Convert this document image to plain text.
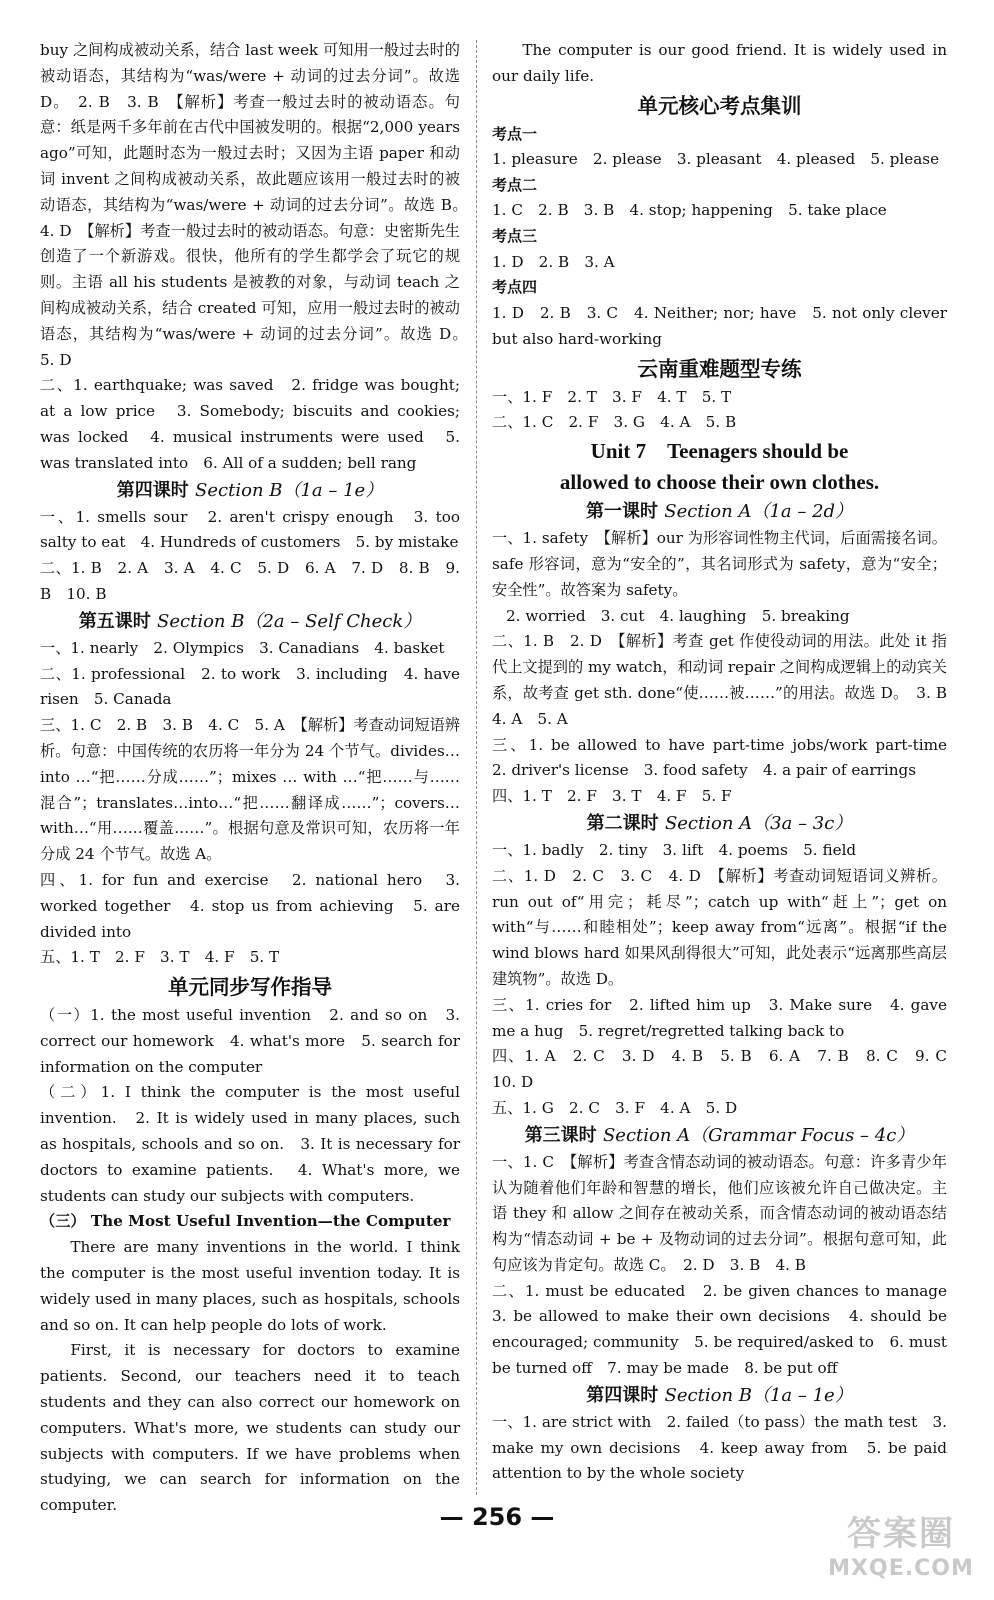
buy 之间构成被动关系，结合 last week 可知用一般过去时的被动语态，其结构为“was/were + 动词的过去分词”。故选 D。　2. B　3. B　【解析】考查一般过去时的被动语态。句意：纸是两千多年前在古代中国被发明的。根据“2,000 years ago”可知，此题时态为一般过去时；又因为主语 paper 和动词 invent 之间构成被动关系，故此题应该用一般过去时的被动语态，其结构为“was/were + 动词的过去分词”。故选 B。　4. D　【解析】考查一般过去时的被动语态。句意：史密斯先生创造了一个新游戏。很快，他所有的学生都学会了玩它的规则。主语 all his students 是被教的对象，与动词 teach 之间构成被动关系，结合 created 可知，应用一般过去时的被动语态，其结构为“was/were + 动词的过去分词”。故选 D。　5. D

二、1. earthquake; was saved　2. fridge was bought; at a low price　3. Somebody; biscuits and cookies; was locked　4. musical instruments were used　5. was translated into　6. All of a sudden; bell rang

第四课时 Section B（1a – 1e）

一、1. smells sour　2. aren't crispy enough　3. too salty to eat　4. Hundreds of customers　5. by mistake

二、1. B　2. A　3. A　4. C　5. D　6. A　7. D　8. B　9. B　10. B

第五课时 Section B（2a – Self Check）

一、1. nearly　2. Olympics　3. Canadians　4. basket

二、1. professional　2. to work　3. including　4. have risen　5. Canada

三、1. C　2. B　3. B　4. C　5. A　【解析】考查动词短语辨析。句意：中国传统的农历将一年分为 24 个节气。divides… into …“把……分成……”；mixes … with …“把……与……混合”；translates…into…“把……翻译成……”；covers…with…“用……覆盖……”。根据句意及常识可知，农历将一年分成 24 个节气。故选 A。

四、1. for fun and exercise　2. national hero　3. worked together　4. stop us from achieving　5. are divided into

五、1. T　2. F　3. T　4. F　5. T

单元同步写作指导

（一）1. the most useful invention　2. and so on　3. correct our homework　4. what's more　5. search for information on the computer

（二）1. I think the computer is the most useful invention.　2. It is widely used in many places, such as hospitals, schools and so on.　3. It is necessary for doctors to examine patients.　4. What's more, we students can study our subjects with computers.

（三） The Most Useful Invention—the Computer

There are many inventions in the world. I think the computer is the most useful invention today. It is widely used in many places, such as hospitals, schools and so on. It can help people do lots of work.

First, it is necessary for doctors to examine patients. Second, our teachers need it to teach students and they can also correct our homework on computers. What's more, we students can study our subjects with computers. If we have problems when studying, we can search for information on the computer.

The computer is our good friend. It is widely used in our daily life.

单元核心考点集训

考点一

1. pleasure　2. please　3. pleasant　4. pleased　5. please

考点二

1. C　2. B　3. B　4. stop; happening　5. take place

考点三

1. D　2. B　3. A

考点四

1. D　2. B　3. C　4. Neither; nor; have　5. not only clever but also hard-working

云南重难题型专练

一、1. F　2. T　3. F　4. T　5. T

二、1. C　2. F　3. G　4. A　5. B

Unit 7　Teenagers should be

allowed to choose their own clothes.

第一课时 Section A（1a – 2d）

一、1. safety　【解析】our 为形容词性物主代词，后面需接名词。safe 形容词，意为“安全的”，其名词形式为 safety，意为“安全；安全性”。故答案为 safety。

2. worried　3. cut　4. laughing　5. breaking

二、1. B　2. D　【解析】考查 get 作使役动词的用法。此处 it 指代上文提到的 my watch，和动词 repair 之间构成逻辑上的动宾关系，故考查 get sth. done“使……被……”的用法。故选 D。　3. B　4. A　5. A

三、1. be allowed to have part-time jobs/work part-time　2. driver's license　3. food safety　4. a pair of earrings

四、1. T　2. F　3. T　4. F　5. F

第二课时 Section A（3a – 3c）

一、1. badly　2. tiny　3. lift　4. poems　5. field

二、1. D　2. C　3. C　4. D　【解析】考查动词短语词义辨析。run out of“用完；耗尽”；catch up with“赶上”；get on with“与……和睦相处”；keep away from“远离”。根据“if the wind blows hard 如果风刮得很大”可知，此处表示“远离那些高层建筑物”。故选 D。

三、1. cries for　2. lifted him up　3. Make sure　4. gave me a hug　5. regret/regretted talking back to

四、1. A　2. C　3. D　4. B　5. B　6. A　7. B　8. C　9. C　10. D

五、1. G　2. C　3. F　4. A　5. D

第三课时 Section A（Grammar Focus – 4c）

一、1. C　【解析】考查含情态动词的被动语态。句意：许多青少年认为随着他们年龄和智慧的增长，他们应该被允许自己做决定。主语 they 和 allow 之间存在被动关系，而含情态动词的被动语态结构为“情态动词 + be + 及物动词的过去分词”。根据句意可知，此句应该为肯定句。故选 C。　2. D　3. B　4. B

二、1. must be educated　2. be given chances to manage　3. be allowed to make their own decisions　4. should be encouraged; community　5. be required/asked to　6. must be turned off　7. may be made　8. be put off

第四课时 Section B（1a – 1e）

一、1. are strict with　2. failed（to pass）the math test　3. make my own decisions　4. keep away from　5. be paid attention to by the whole society

— 256 —	答案圈
MXQE.COM
